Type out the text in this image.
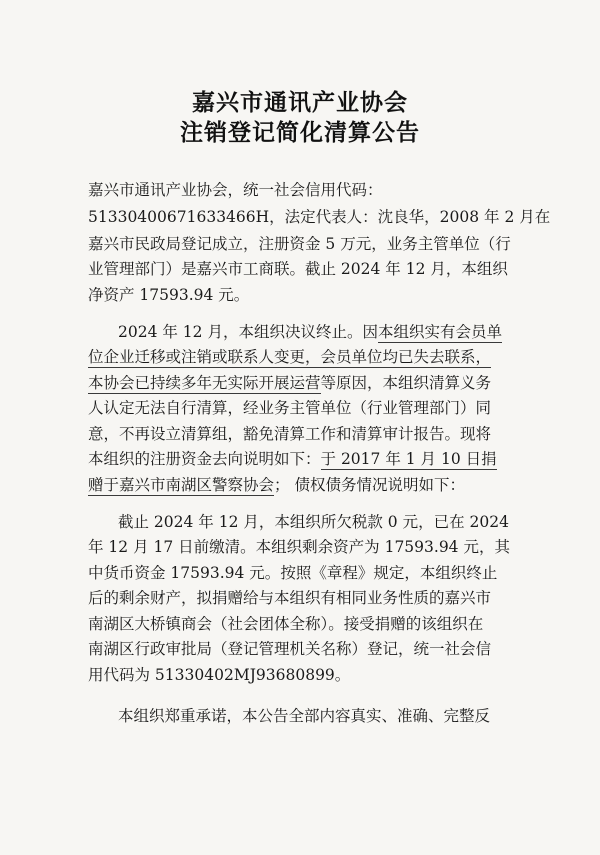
嘉兴市通讯产业协会
注销登记简化清算公告
嘉兴市通讯产业协会，统一社会信用代码：
51330400671633466H，法定代表人：沈良华，2008 年 2 月在
嘉兴市民政局登记成立，注册资金 5 万元，业务主管单位（行
业管理部门）是嘉兴市工商联。截止 2024 年 12 月，本组织
净资产 17593.94 元。
2024 年 12 月，本组织决议终止。因本组织实有会员单
位企业迁移或注销或联系人变更，会员单位均已失去联系，
本协会已持续多年无实际开展运营等原因，本组织清算义务
人认定无法自行清算，经业务主管单位（行业管理部门）同
意，不再设立清算组，豁免清算工作和清算审计报告。现将
本组织的注册资金去向说明如下：于 2017 年 1 月 10 日捐
赠于嘉兴市南湖区警察协会； 债权债务情况说明如下：
截止 2024 年 12 月，本组织所欠税款 0 元，已在 2024
年 12 月 17 日前缴清。本组织剩余资产为 17593.94 元，其
中货币资金 17593.94 元。按照《章程》规定，本组织终止
后的剩余财产，拟捐赠给与本组织有相同业务性质的嘉兴市
南湖区大桥镇商会（社会团体全称）。接受捐赠的该组织在
南湖区行政审批局（登记管理机关名称）登记，统一社会信
用代码为 51330402MJ93680899。
本组织郑重承诺，本公告全部内容真实、准确、完整反
